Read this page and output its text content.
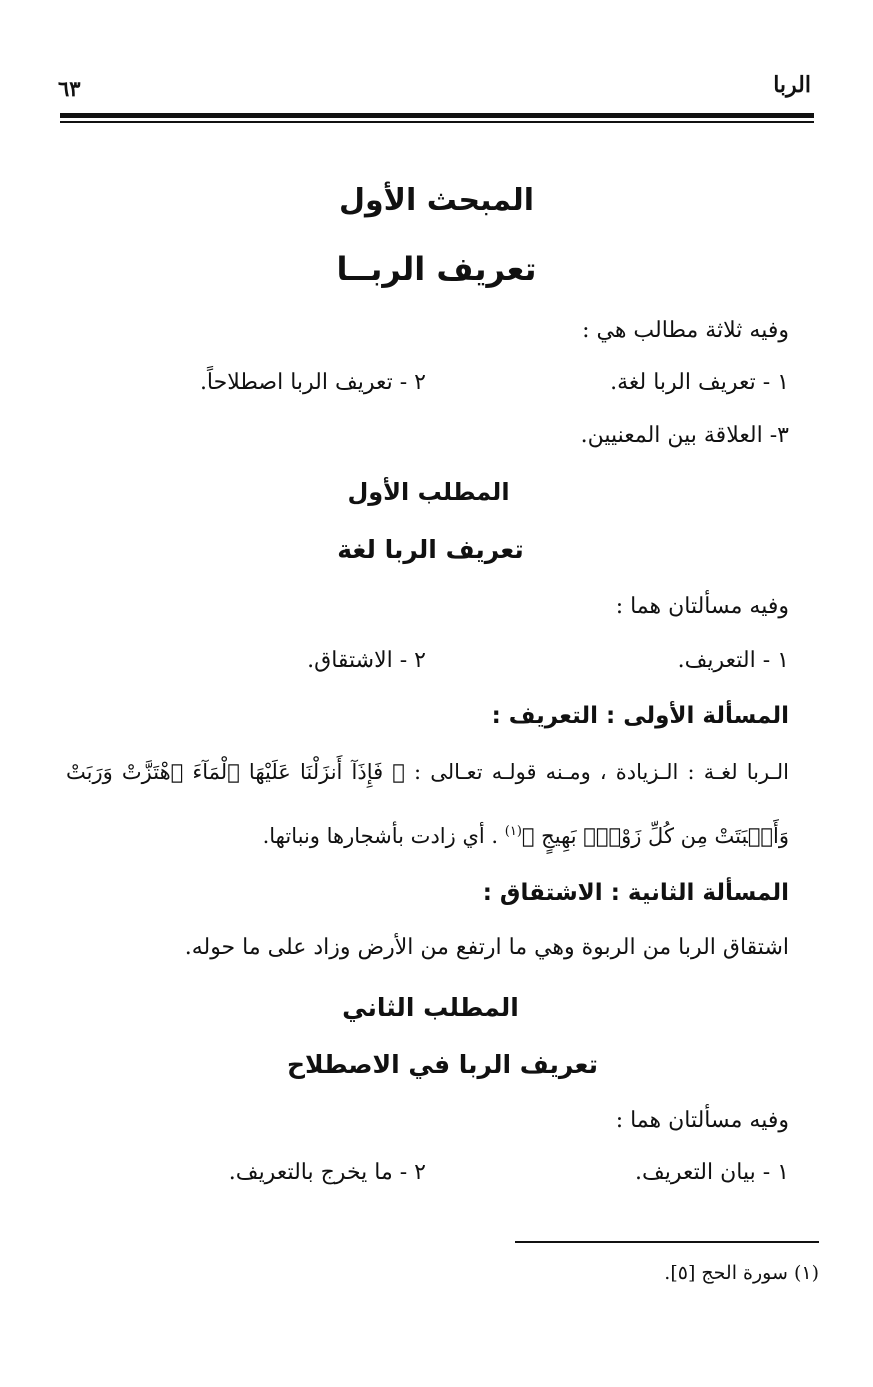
الربا
٦٣
المبحث الأول
تعريف الربــا
وفيه ثلاثة مطالب هي :
١ - تعريف الربا لغة.
٢ - تعريف الربا اصطلاحاً.
٣- العلاقة بين المعنيين.
المطلب الأول
تعريف الربا لغة
وفيه مسألتان هما :
١ - التعريف.
٢ - الاشتقاق.
المسألة الأولى : التعريف :
الـربا لغـة : الـزيادة ، ومـنه قولـه تعـالى : ﴿ فَإِذَآ أَنزَلْنَا عَلَيْهَا ٱلْمَآءَ ٱهْتَزَّتْ وَرَبَتْ وَأَنۢبَتَتْ مِن كُلِّ زَوْجٍۭ بَهِيجٍ ﴾$^{(١)}$ . أي زادت بأشجارها ونباتها.
المسألة الثانية : الاشتقاق :
اشتقاق الربا من الربوة وهي ما ارتفع من الأرض وزاد على ما حوله.
المطلب الثاني
تعريف الربا في الاصطلاح
وفيه مسألتان هما :
١ - بيان التعريف.
٢ - ما يخرج بالتعريف.
(١) سورة الحج [٥].
